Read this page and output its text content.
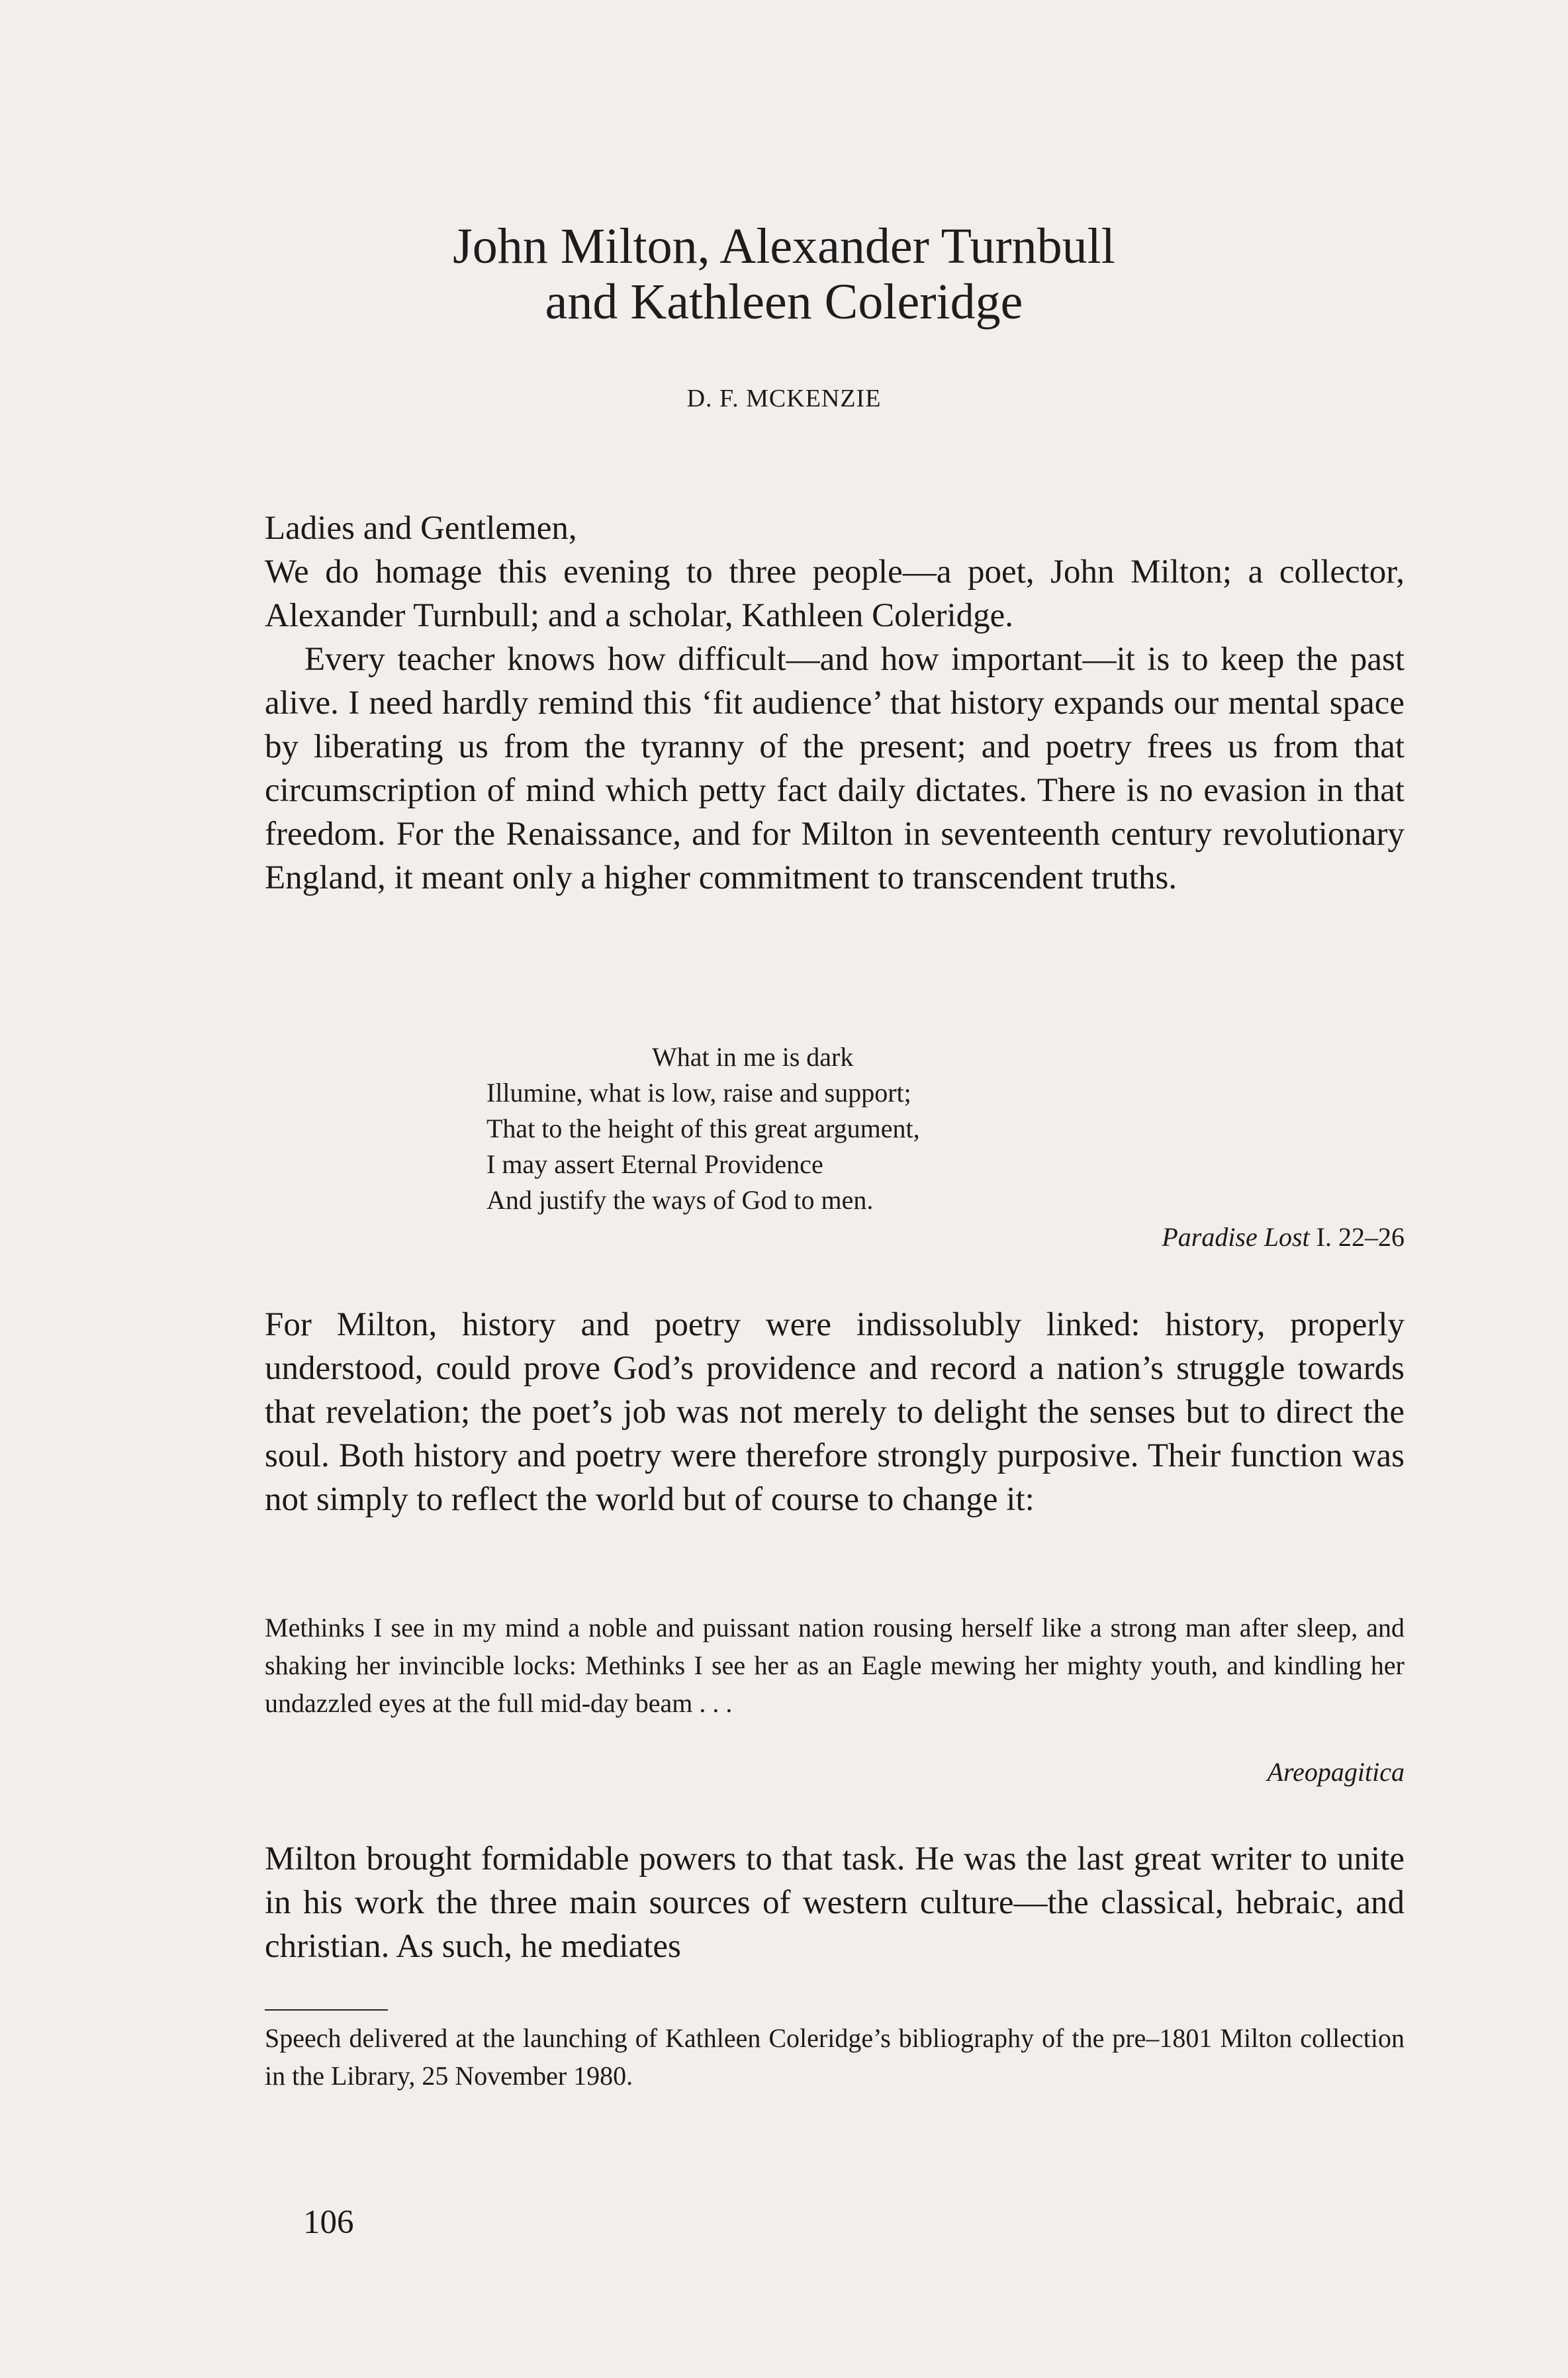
John Milton, Alexander Turnbull
and Kathleen Coleridge
D. F. MCKENZIE

Ladies and Gentlemen,

We do homage this evening to three people—a poet, John Milton; a collector, Alexander Turnbull; and a scholar, Kathleen Coleridge.

Every teacher knows how difficult—and how important—it is to keep the past alive. I need hardly remind this ‘fit audience’ that history expands our mental space by liberating us from the tyranny of the present; and poetry frees us from that circumscription of mind which petty fact daily dictates. There is no evasion in that freedom. For the Renaissance, and for Milton in seventeenth century revolutionary England, it meant only a higher commitment to transcendent truths.

What in me is dark
Illumine, what is low, raise and support;
That to the height of this great argument,
I may assert Eternal Providence
And justify the ways of God to men.
Paradise Lost I. 22–26

For Milton, history and poetry were indissolubly linked: history, properly understood, could prove God’s providence and record a nation’s struggle towards that revelation; the poet’s job was not merely to delight the senses but to direct the soul. Both history and poetry were therefore strongly purposive. Their function was not simply to reflect the world but of course to change it:

Methinks I see in my mind a noble and puissant nation rousing herself like a strong man after sleep, and shaking her invincible locks: Methinks I see her as an Eagle mewing her mighty youth, and kindling her undazzled eyes at the full mid-day beam . . .
Areopagitica

Milton brought formidable powers to that task. He was the last great writer to unite in his work the three main sources of western culture—the classical, hebraic, and christian. As such, he mediates

Speech delivered at the launching of Kathleen Coleridge’s bibliography of the pre–1801 Milton collection in the Library, 25 November 1980.
106
